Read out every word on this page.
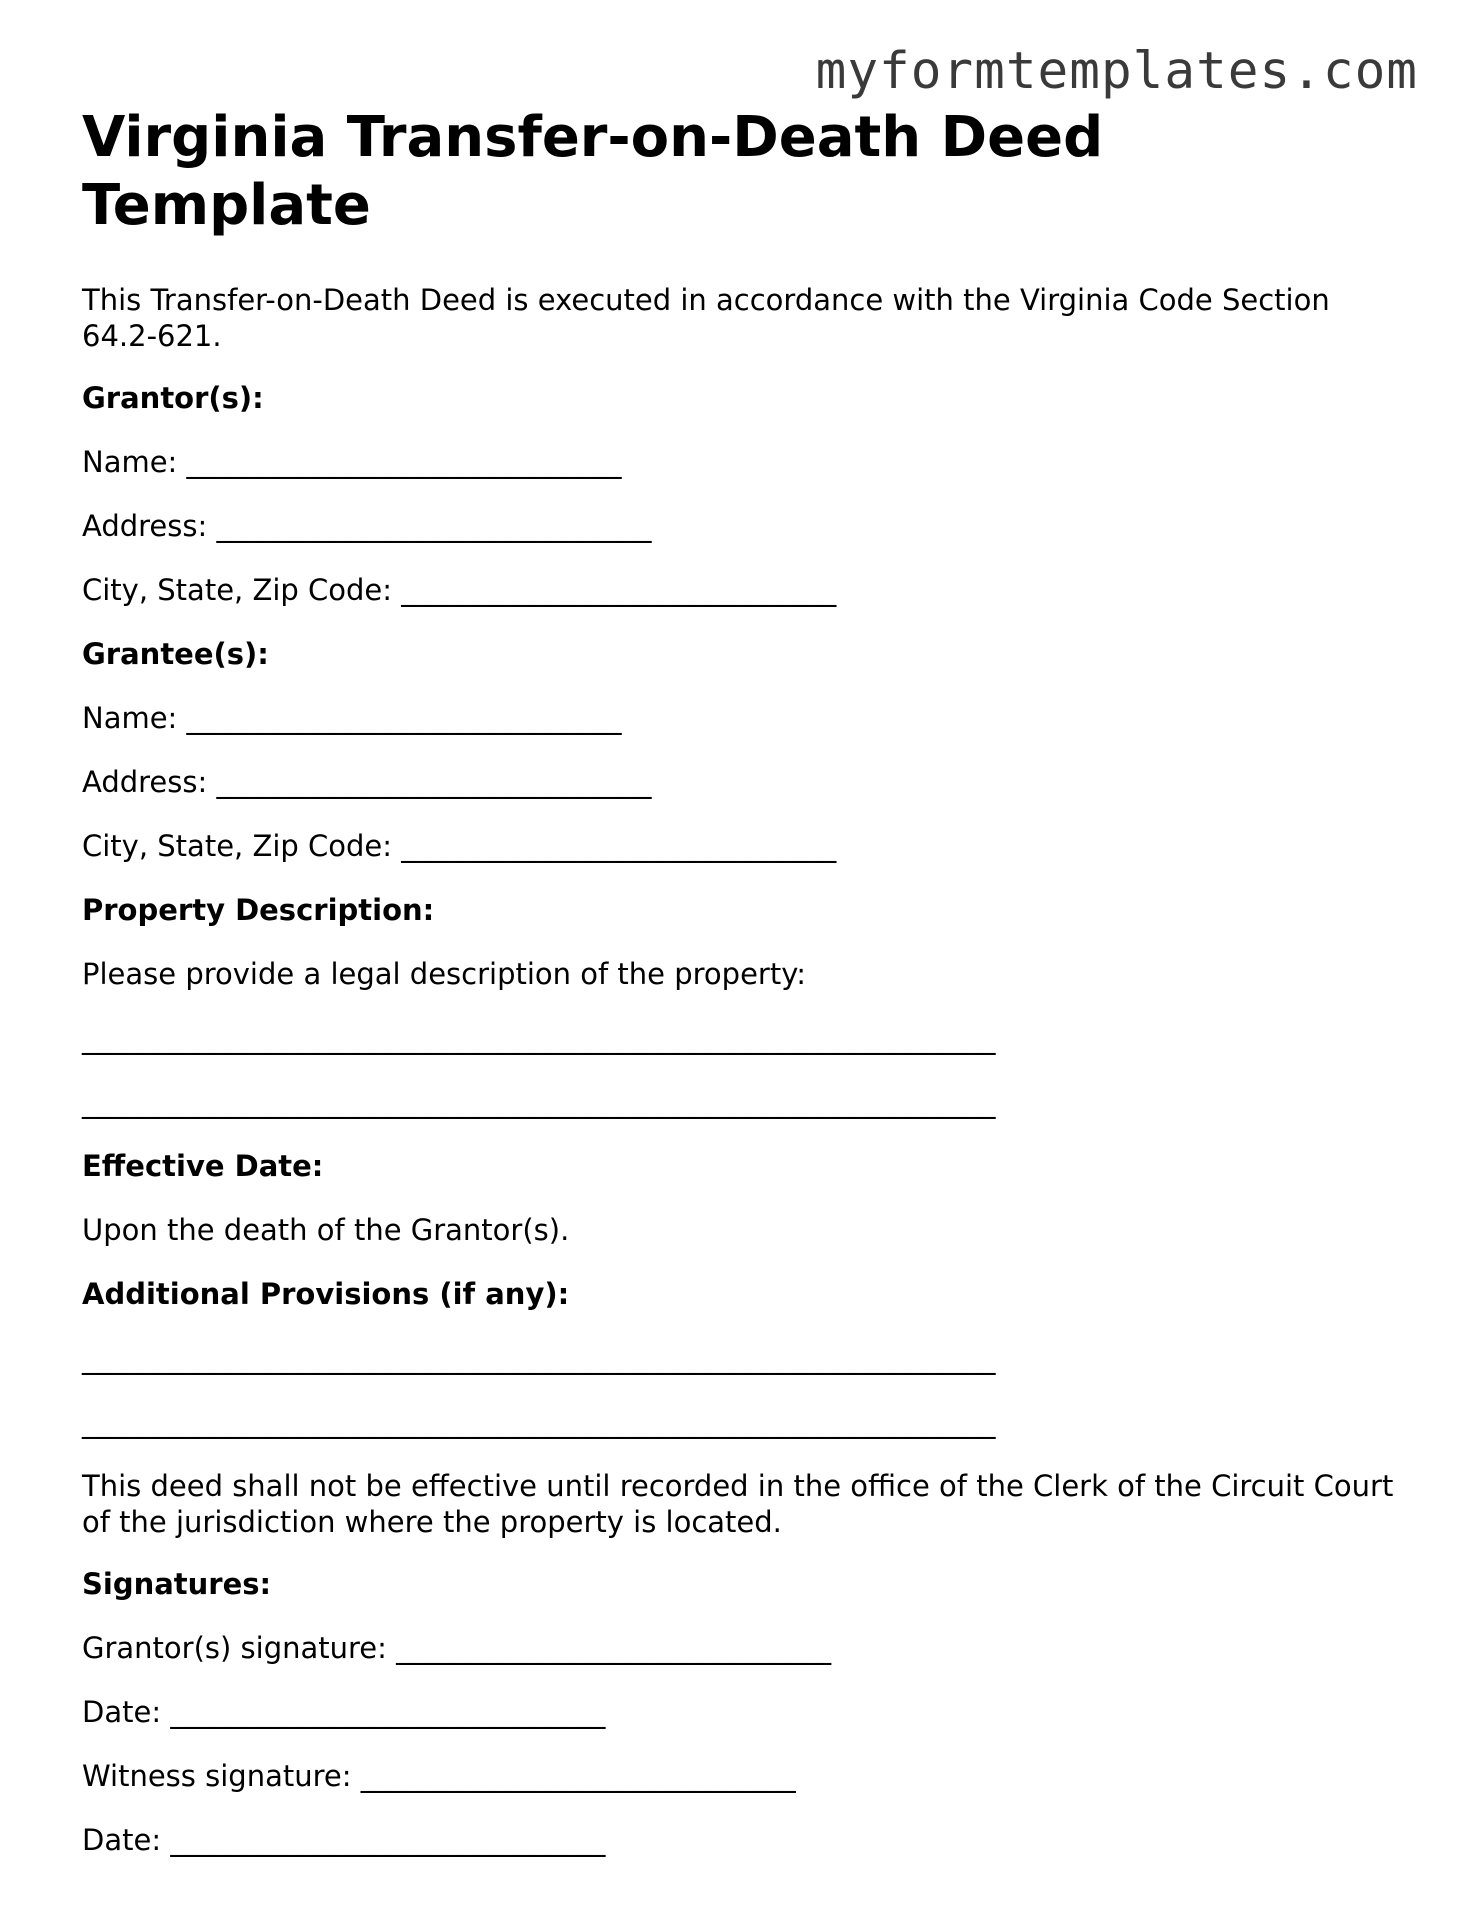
myformtemplates.com
Virginia Transfer-on-Death Deed Template
This Transfer-on-Death Deed is executed in accordance with the Virginia Code Section 64.2-621.
Grantor(s):
Name: ______________________________
Address: ______________________________
City, State, Zip Code: ______________________________
Grantee(s):
Name: ______________________________
Address: ______________________________
City, State, Zip Code: ______________________________
Property Description:
Please provide a legal description of the property:
_______________________________________________________________
_______________________________________________________________
Effective Date:
Upon the death of the Grantor(s).
Additional Provisions (if any):
_______________________________________________________________
_______________________________________________________________
This deed shall not be effective until recorded in the office of the Clerk of the Circuit Court of the jurisdiction where the property is located.
Signatures:
Grantor(s) signature: ______________________________
Date: ______________________________
Witness signature: ______________________________
Date: ______________________________
